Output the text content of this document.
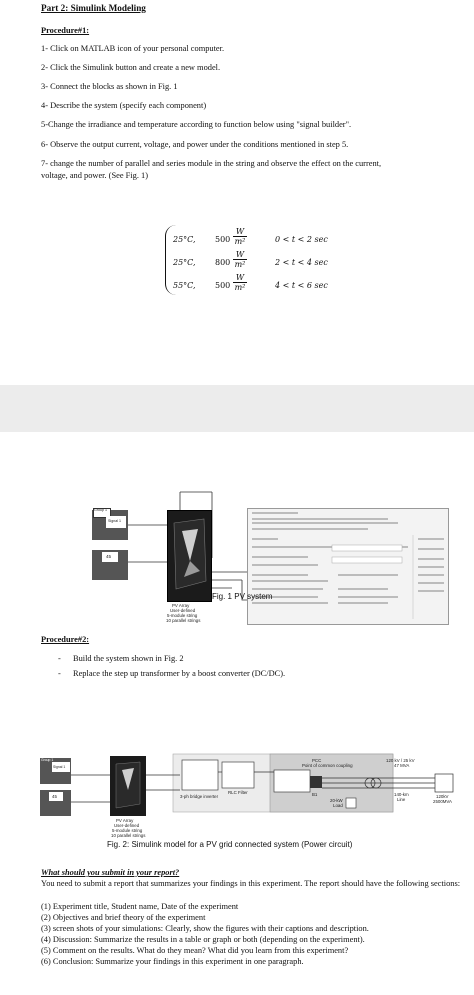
Part 2: Simulink Modeling

Procedure#1:

1- Click on MATLAB icon of your personal computer.

2- Click the Simulink button and create a new model.

3- Connect the blocks as shown in Fig. 1

4- Describe the system (specify each component)

5-Change the irradiance and temperature according to function below using "signal builder".

6- Observe the output current, voltage, and power under the conditions mentioned in step 5.

7- change the number of parallel and series module in the string and observe the effect on the current,

voltage, and power. (See Fig. 1)

25°C, $500 \frac{W}{\text{m²}}$	0 < t < 2 sec
25°C, $800 \frac{W}{\text{m²}}$	2 < t < 4 sec
55°C, $500 \frac{W}{\text{m²}}$	4 < t < 6 sec
Group 1
Signal 1
45
PV Array
User-defined
5-module string
10 parallel strings
Fig. 1 PV system

Procedure#2:

- Build the system shown in Fig. 2

- Replace the step up transformer by a boost converter (DC/DC).

Group 1
Signal 1
45
PV Array
User-defined
5-module string
10 parallel strings
3-ph bridge inverter
RLC Filter	B1
PCC
Point of common coupling
120 kV / 25 kV
47 MVA
140-km
Line
20-kW
Load
120kV
2500MVA
Fig. 2: Simulink model for a PV grid connected system (Power circuit)

What should you submit in your report?

You need to submit a report that summarizes your findings in this experiment. The report should have the following sections:

(1) Experiment title, Student name, Date of the experiment

(2) Objectives and brief theory of the experiment

(3) screen shots of your simulations: Clearly, show the figures with their captions and description.

(4) Discussion: Summarize the results in a table or graph or both (depending on the experiment).

(5) Comment on the results. What do they mean? What did you learn from this experiment?

(6) Conclusion: Summarize your findings in this experiment in one paragraph.
